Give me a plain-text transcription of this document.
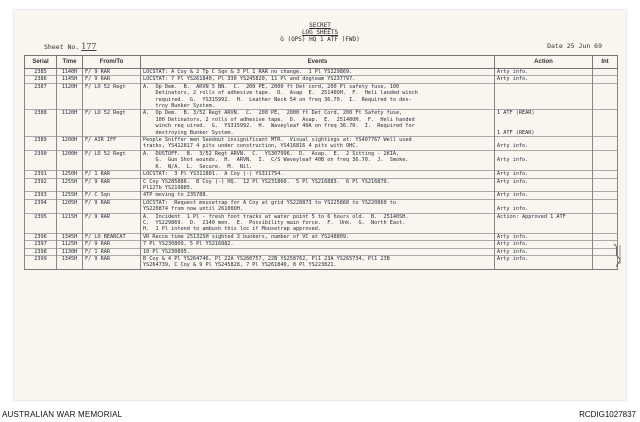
SECRET
LOG SHEETS
G (OPS) HQ 1 ATF (FWD)
Sheet No. 177	Date 25 Jun 69
Serial	Time	From/To	Events	Action	Int
2385	1140H	F/ 9 RAR	LOCSTAT: A Coy & 2 Tp C Sqn & 3 Pl 1 RAR no change.  1 Pl YS229869.	Arty info.	
2386	1145H	F/ 9 RAR	LOCSTAT: 7 Pl YS261840, Pl 330 YS245820, 11 Pl and dogteam YS237797.	Arty info.	
2387	1120H	F/ LO 52 Regt	A.  Op Dem.  B.  ARVN 5 BN.  C.  200 PE, 2000 ft Det cord, 200 Pl safety fuse, 100		
			Detinators, 2 rolls of adhesive tape.  D.  Asap  E.  25140OH.  F.  Heli landed winch		
			required.  G.  YS315992.  H.  Leather Neck 54 on freq 36.70.  I.  Required to des-		
			troy Bunker System.		
2388	1120H	F/ LO 52 Regt	A.  Op Dem.  B. 3/52 Regt ARVN.  C.  200 PE,  2000 ft Det Cord, 200 Ft Safety fuse,	1 ATF (REAR)	
			100 Detinators, 2 rolls of adhesive tape.  D.  Asap.  E.  25140OH.  F.  Heli handed		
			winch req uired.  G.  YS315992.  H.  Waveyleaf 40A on freq 36.70.  I.  Required for		
			destroying Bunker System.	1 ATF (REAR)	
2389	1200H	F/ AIR IFF	People Sniffer men Seedout insignificant MTR.  Visual sightings at: YS407767 Well used		
			tracks, YS412817 4 pits under construction, YS416816 4 pits with OHC.	Arty info.	
2390	1200H	F/ LO 52 Regt	A.  DUSTOFF.  B.  3/52 Regt ARVN.  C.  YS307996.  D.  Asap.  E.  2 Sitting - 2KIA,		
			G.  Gun Shot wounds.  H.  ARVN.  I.  C/S Waveyleaf 40B on freq 36.70.  J.  Smoke.	Arty info.	
			K.  N/A.  L.  Secure.  M.  Nil.		
2391	1250H	F/ 1 RAR	LOCSTAT:  3 Pl YS311801.  A Coy (-) YS311754.	Arty info.	
2392	1255H	F/ 9 RAR	C Coy YS285886.  B Coy (-) HQ.  12 Pl YS231860.  5 Pl YS216883.  6 Pl YS216879.	Arty info.	
			Pl12Tb YS219885.		
2393	1255H	F/ C Sqn	4TP moving to 235788.	Arty info.	
2394	1205H	F/ 9 RAR	LOCSTAT:  Request mousetrap for A Coy at grid YS228873 to YS225860 to YS220860 to		
			YS220874 from now until 26100OH.	Arty info.	
2395	1215H	F/ 9 RAR	A.  Incident  1 Pl - fresh foot tracks at water point 5 to 6 hours old.  B.  25140SH.	Action: Approved 1 ATF	
			C.  YS229869.  D.  2140 men.  E.  Possibility main force.  F.  Unk.  G.  North East.		
			H.  1 Pl intend to ambush this loc if Mousetrap approved.		
2396	1345H	F/ LO BEARCAT	VR Recce time 25132SH sighted 3 bunkers, number of VC at YS248809.	Arty info.	
2397	1125H	F/ 9 RAR	7 Pl YS230809, 5 Pl YS216882.	Arty info.	
2398	1130H	F/ 1 RAR	10 Pl YS230895.	Arty info.	
2399	1345H	F/ 9 RAR	B Coy & 4 Pl YS264746, Pl 22A YS260757, 22B YS258762, Pl1 23A YS265734, Pl1 23B	Arty info.	
			YS264739, C Coy & 9 Pl YS245828, 7 Pl YS261840, 8 Pl YS223821.		
AUSTRALIAN WAR MEMORIAL	RCDIG1027837
